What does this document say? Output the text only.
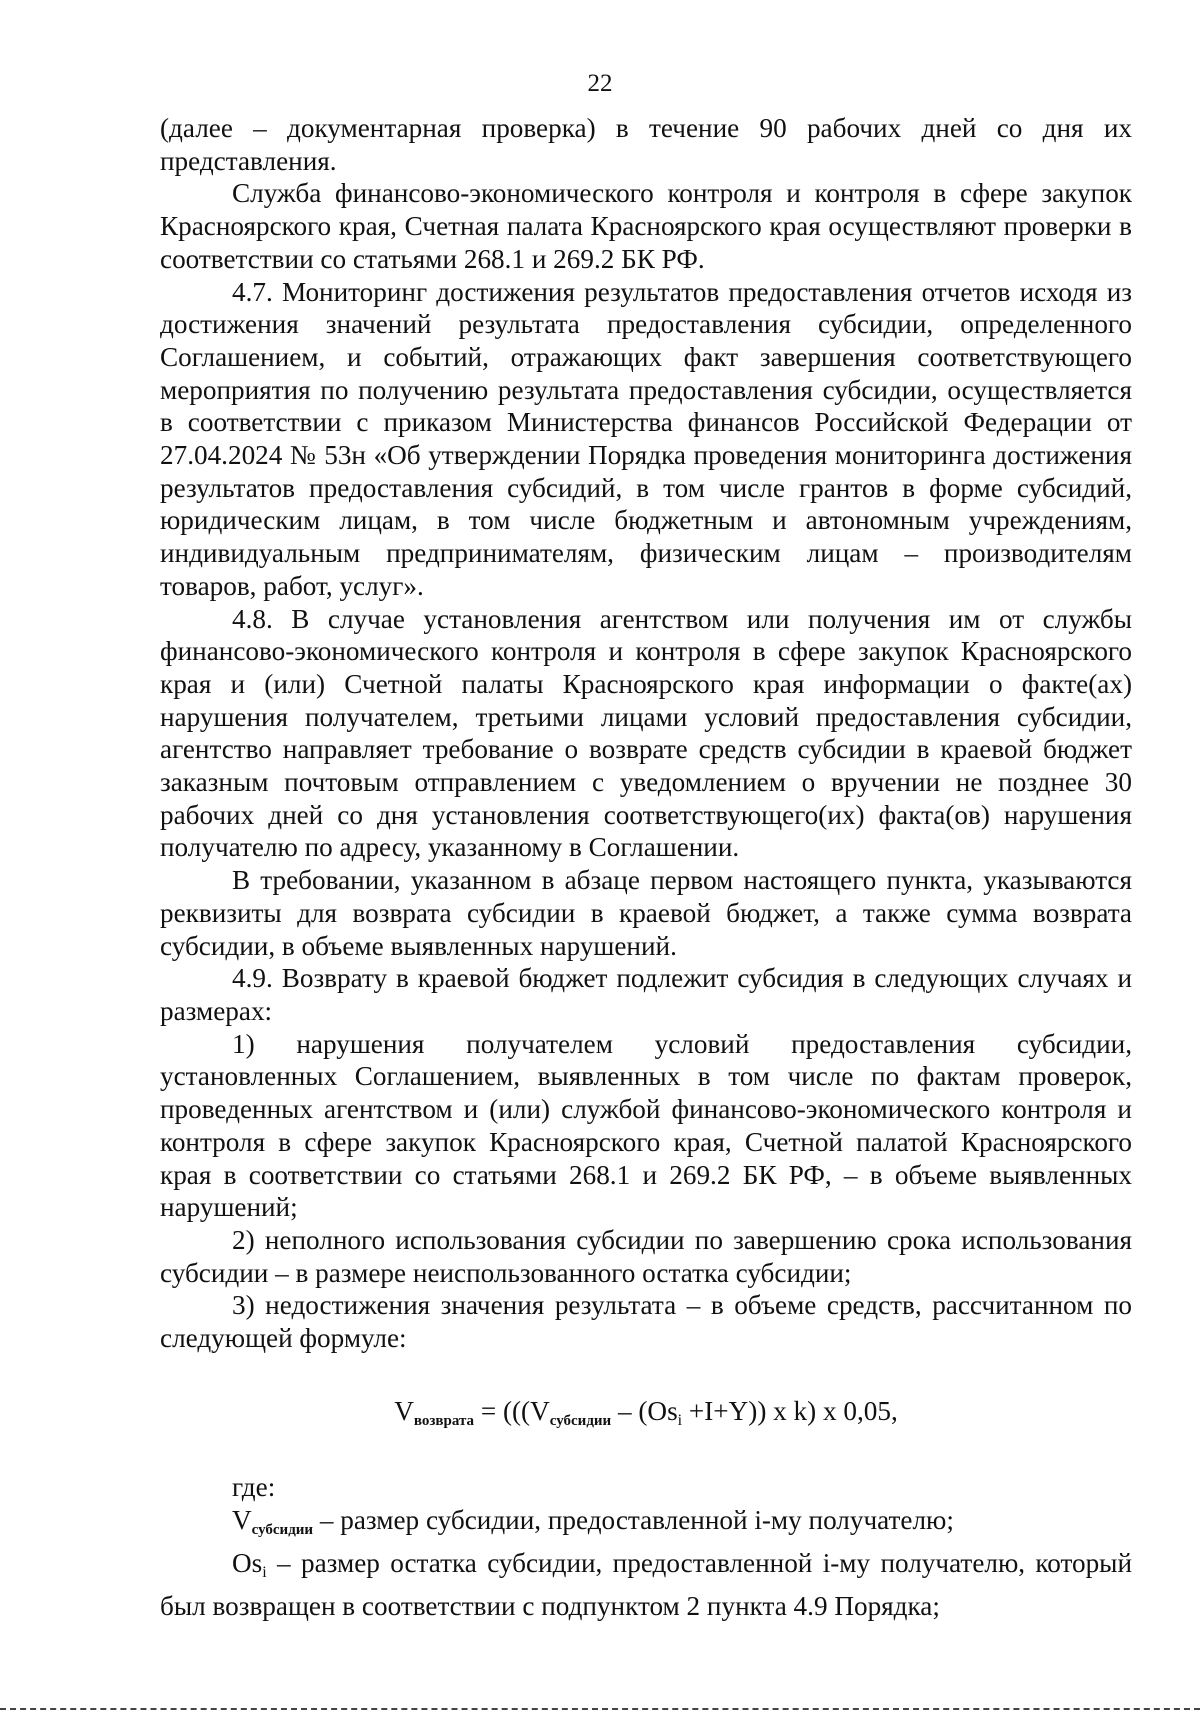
22

(далее – документарная проверка) в течение 90 рабочих дней со дня их представления.

Служба финансово-экономического контроля и контроля в сфере закупок Красноярского края, Счетная палата Красноярского края осуществляют проверки в соответствии со статьями 268.1 и 269.2 БК РФ.

4.7. Мониторинг достижения результатов предоставления отчетов исходя из достижения значений результата предоставления субсидии, определенного Соглашением, и событий, отражающих факт завершения соответствующего мероприятия по получению результата предоставления субсидии, осуществляется в соответствии с приказом Министерства финансов Российской Федерации от 27.04.2024 № 53н «Об утверждении Порядка проведения мониторинга достижения результатов предоставления субсидий, в том числе грантов в форме субсидий, юридическим лицам, в том числе бюджетным и автономным учреждениям, индивидуальным предпринимателям, физическим лицам – производителям товаров, работ, услуг».

4.8. В случае установления агентством или получения им от службы финансово-экономического контроля и контроля в сфере закупок Красноярского края и (или) Счетной палаты Красноярского края информации о факте(ах) нарушения получателем, третьими лицами условий предоставления субсидии, агентство направляет требование о возврате средств субсидии в краевой бюджет заказным почтовым отправлением с уведомлением о вручении не позднее 30 рабочих дней со дня установления соответствующего(их) факта(ов) нарушения получателю по адресу, указанному в Соглашении.

В требовании, указанном в абзаце первом настоящего пункта, указываются реквизиты для возврата субсидии в краевой бюджет, а также сумма возврата субсидии, в объеме выявленных нарушений.

4.9. Возврату в краевой бюджет подлежит субсидия в следующих случаях и размерах:

1) нарушения получателем условий предоставления субсидии, установленных Соглашением, выявленных в том числе по фактам проверок, проведенных агентством и (или) службой финансово-экономического контроля и контроля в сфере закупок Красноярского края, Счетной палатой Красноярского края в соответствии со статьями 268.1 и 269.2 БК РФ, – в объеме выявленных нарушений;

2) неполного использования субсидии по завершению срока использования субсидии – в размере неиспользованного остатка субсидии;

3) недостижения значения результата – в объеме средств, рассчитанном по следующей формуле:

$V_{возврата} = (((V_{субсидии} - (Osi +I+Y))$ x k) x 0,05,

где:

$V_{субсидии}$ – размер субсидии, предоставленной i-му получателю;

Osi – размер остатка субсидии, предоставленной i-му получателю, который был возвращен в соответствии с подпунктом 2 пункта 4.9 Порядка;
